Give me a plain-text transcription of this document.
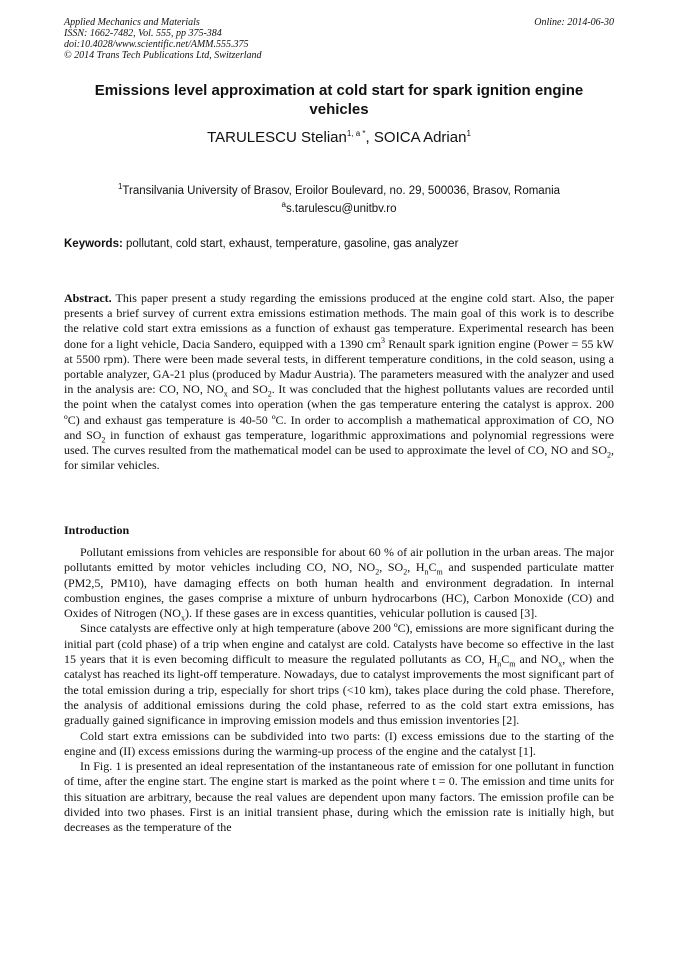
Applied Mechanics and Materials
ISSN: 1662-7482, Vol. 555, pp 375-384
doi:10.4028/www.scientific.net/AMM.555.375
© 2014 Trans Tech Publications Ltd, Switzerland
Online: 2014-06-30
Emissions level approximation at cold start for spark ignition engine vehicles
TARULESCU Stelian$^{1, a *}$, SOICA Adrian$^1$
$^1$Transilvania University of Brasov, Eroilor Boulevard, no. 29, 500036, Brasov, Romania
$^a$s.tarulescu@unitbv.ro
Keywords: pollutant, cold start, exhaust, temperature, gasoline, gas analyzer
Abstract. This paper present a study regarding the emissions produced at the engine cold start. Also, the paper presents a brief survey of current extra emissions estimation methods. The main goal of this work is to describe the relative cold start extra emissions as a function of exhaust gas temperature. Experimental research has been done for a light vehicle, Dacia Sandero, equipped with a 1390 $cm^3$ Renault spark ignition engine (Power = 55 kW at 5500 rpm). There were been made several tests, in different temperature conditions, in the cold season, using a portable analyzer, GA-21 plus (produced by Madur Austria). The parameters measured with the analyzer and used in the analysis are: CO, NO, $NO_x$ and $SO_2$. It was concluded that the highest pollutants values are recorded until the point when the catalyst comes into operation (when the gas temperature entering the catalyst is approx. 200 ºC) and exhaust gas temperature is 40-50 ºC. In order to accomplish a mathematical approximation of CO, NO and $SO_2$ in function of exhaust gas temperature, logarithmic approximations and polynomial regressions were used. The curves resulted from the mathematical model can be used to approximate the level of CO, NO and $SO_2$, for similar vehicles.
Introduction

Pollutant emissions from vehicles are responsible for about 60 % of air pollution in the urban areas. The major pollutants emitted by motor vehicles including CO, NO, $NO_2$, $SO_2$, $H_nC_m$ and suspended particulate matter (PM2,5, PM10), have damaging effects on both human health and environment degradation. In internal combustion engines, the gases comprise a mixture of unburn hydrocarbons (HC), Carbon Monoxide (CO) and Oxides of Nitrogen $(NO_x)$. If these gases are in excess quantities, vehicular pollution is caused [3].

Since catalysts are effective only at high temperature (above 200 ºC), emissions are more significant during the initial part (cold phase) of a trip when engine and catalyst are cold. Catalysts have become so effective in the last 15 years that it is even becoming difficult to measure the regulated pollutants as CO, $H_nC_m$ and $NO_x$, when the catalyst has reached its light-off temperature. Nowadays, due to catalyst improvements the most significant part of the total emission during a trip, especially for short trips (<10 km), takes place during the cold phase. Therefore, the analysis of additional emissions during the cold phase, referred to as the cold start extra emissions, has gradually gained significance in improving emission models and thus emission inventories [2].

Cold start extra emissions can be subdivided into two parts: (I) excess emissions due to the starting of the engine and (II) excess emissions during the warming-up process of the engine and the catalyst [1].

In Fig. 1 is presented an ideal representation of the instantaneous rate of emission for one pollutant in function of time, after the engine start. The engine start is marked as the point where t = 0. The emission and time units for this situation are arbitrary, because the real values are dependent upon many factors. The emission profile can be divided into two phases. First is an initial transient phase, during which the emission rate is initially high, but decreases as the temperature of the
